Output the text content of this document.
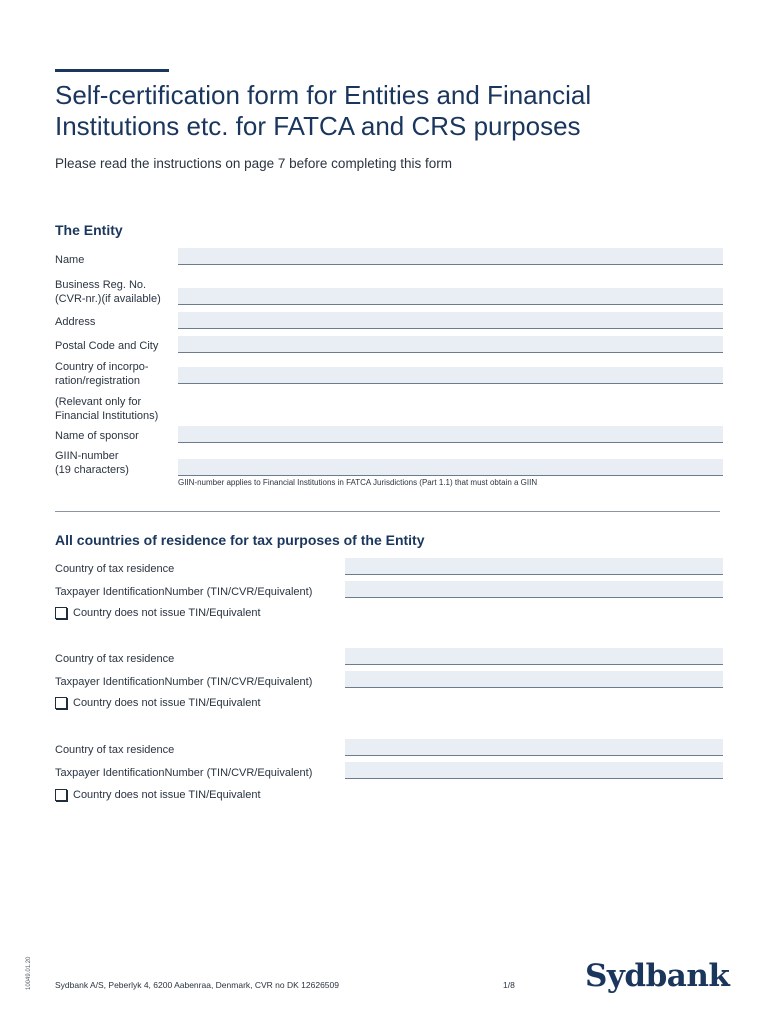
Self-certification form for Entities and Financial Institutions etc. for FATCA and CRS purposes
Please read the instructions on page 7 before completing this form
The Entity
Name
Business Reg. No.
(CVR-nr.)(if available)
Address
Postal Code and City
Country of incorpo-
ration/registration
(Relevant only for
Financial Institutions)
Name of sponsor
GIIN-number
(19 characters)
GIIN-number applies to Financial Institutions in FATCA Jurisdictions (Part 1.1) that must obtain a GIIN
All countries of residence for tax purposes of the Entity
Country of tax residence
Taxpayer IdentificationNumber (TIN/CVR/Equivalent)
Country does not issue TIN/Equivalent
Country of tax residence
Taxpayer IdentificationNumber (TIN/CVR/Equivalent)
Country does not issue TIN/Equivalent
Country of tax residence
Taxpayer IdentificationNumber (TIN/CVR/Equivalent)
Country does not issue TIN/Equivalent
10049.01.20	Sydbank A/S, Peberlyk 4, 6200 Aabenraa, Denmark, CVR no DK 12626509	1/8 Sydbank
